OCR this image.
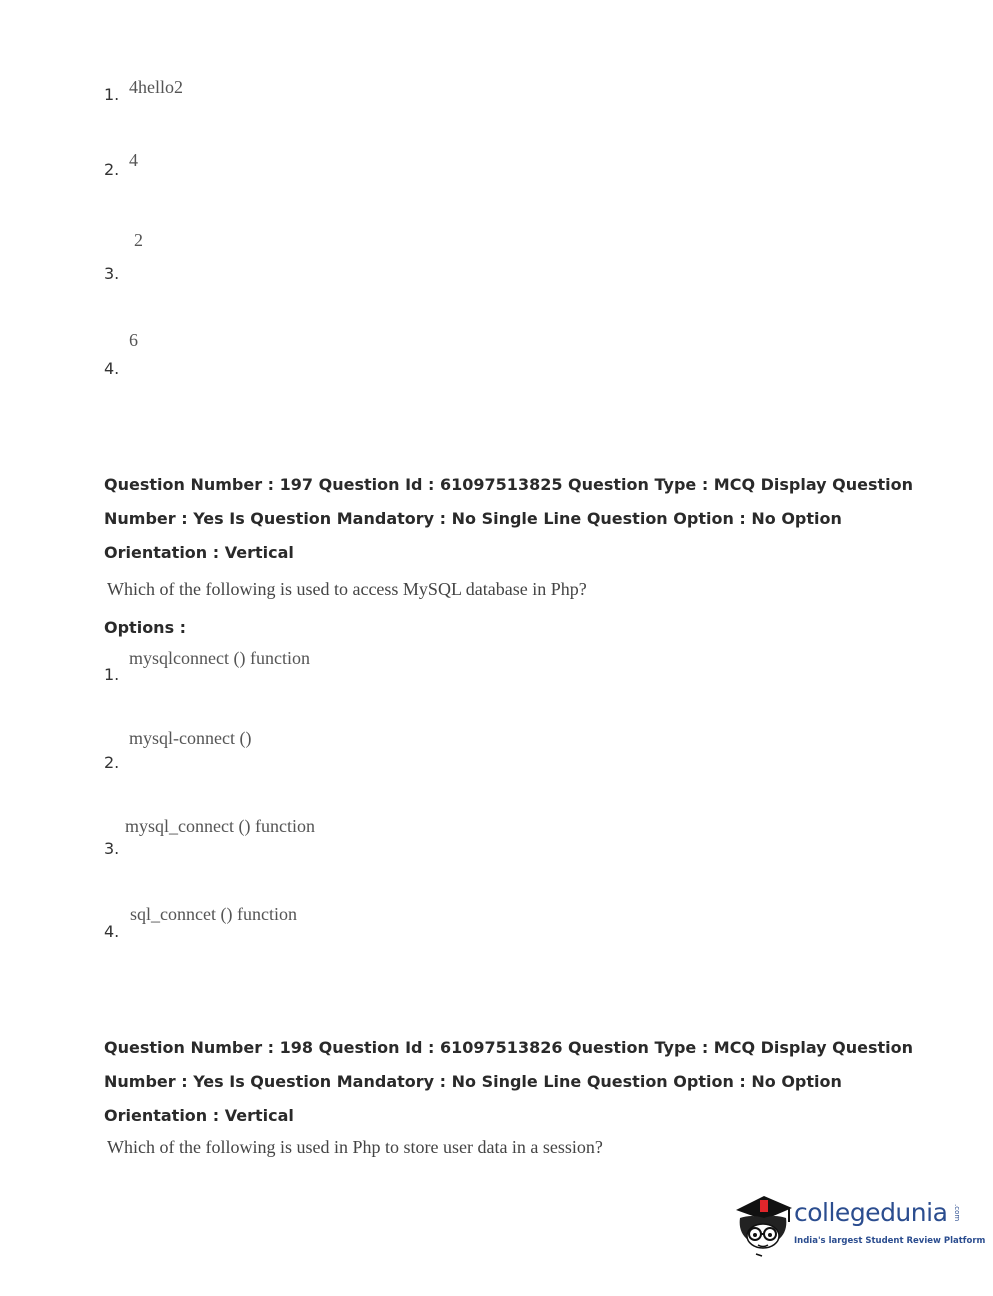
1. 4hello2
2. 4
3.
2
4.
6
Question Number : 197 Question Id : 61097513825 Question Type : MCQ Display Question
Number : Yes Is Question Mandatory : No Single Line Question Option : No Option
Orientation : Vertical
Which of the following is used to access MySQL database in Php?
Options :
1.
mysqlconnect () function
2.
mysql-connect ()
3.
mysql_connect () function
4.
sql_conncet () function
Question Number : 198 Question Id : 61097513826 Question Type : MCQ Display Question
Number : Yes Is Question Mandatory : No Single Line Question Option : No Option
Orientation : Vertical
Which of the following is used in Php to store user data in a session?
collegedunia .com
India's largest Student Review Platform
